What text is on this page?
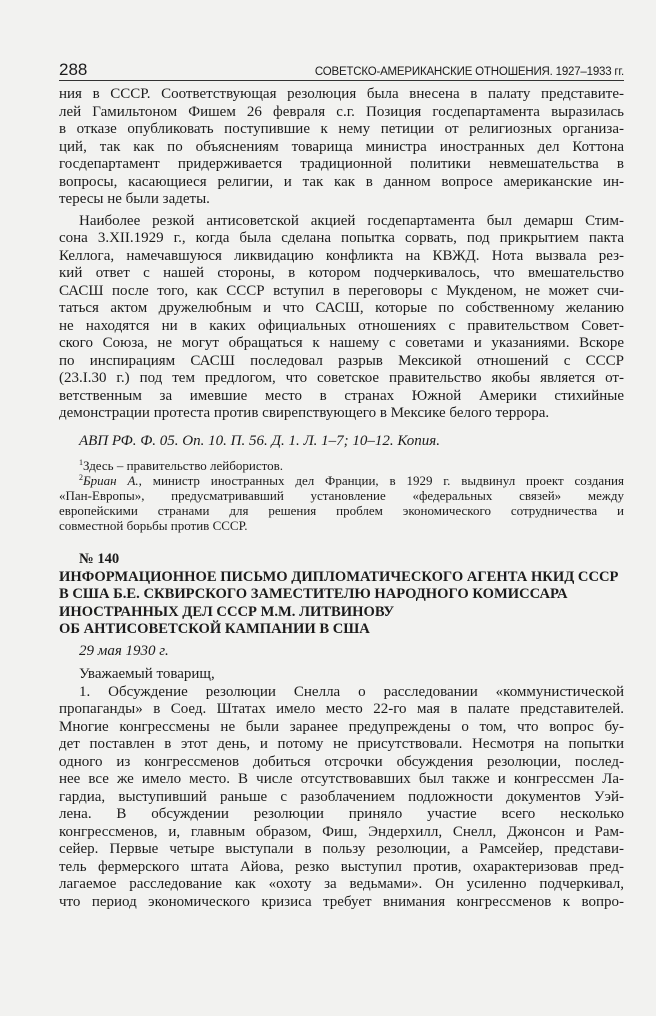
288	СОВЕТСКО-АМЕРИКАНСКИЕ ОТНОШЕНИЯ. 1927–1933 гг.
ния в СССР. Соответствующая резолюция была внесена в палату представите-
лей Гамильтоном Фишем 26 февраля с.г. Позиция госдепартамента выразилась
в отказе опубликовать поступившие к нему петиции от религиозных организа-
ций, так как по объяснениям товарища министра иностранных дел Коттона
госдепартамент придерживается традиционной политики невмешательства в
вопросы, касающиеся религии, и так как в данном вопросе американские ин-
тересы не были задеты.
Наиболее резкой антисоветской акцией госдепартамента был демарш Стим-
сона 3.XII.1929 г., когда была сделана попытка сорвать, под прикрытием пакта
Келлога, намечавшуюся ликвидацию конфликта на КВЖД. Нота вызвала рез-
кий ответ с нашей стороны, в котором подчеркивалось, что вмешательство
САСШ после того, как СССР вступил в переговоры с Мукденом, не может счи-
таться актом дружелюбным и что САСШ, которые по собственному желанию
не находятся ни в каких официальных отношениях с правительством Совет-
ского Союза, не могут обращаться к нашему с советами и указаниями. Вскоре
по инспирациям САСШ последовал разрыв Мексикой отношений с СССР
(23.I.30 г.) под тем предлогом, что советское правительство якобы является от-
ветственным за имевшие место в странах Южной Америки стихийные
демонстрации протеста против свирепствующего в Мексике белого террора.
АВП РФ. Ф. 05. Оп. 10. П. 56. Д. 1. Л. 1–7; 10–12. Копия.
$^1$Здесь – правительство лейбористов.
$^2$Бриан А., министр иностранных дел Франции, в 1929 г. выдвинул проект создания
«Пан-Европы», предусматривавший установление «федеральных связей» между
европейскими странами для решения проблем экономического сотрудничества и
совместной борьбы против СССР.
№ 140
ИНФОРМАЦИОННОЕ ПИСЬМО ДИПЛОМАТИЧЕСКОГО АГЕНТА НКИД СССР
В США Б.Е. СКВИРСКОГО ЗАМЕСТИТЕЛЮ НАРОДНОГО КОМИССАРА
ИНОСТРАННЫХ ДЕЛ СССР М.М. ЛИТВИНОВУ
ОБ АНТИСОВЕТСКОЙ КАМПАНИИ В США
29 мая 1930 г.
Уважаемый товарищ,
1. Обсуждение резолюции Снелла о расследовании «коммунистической
пропаганды» в Соед. Штатах имело место 22-го мая в палате представителей.
Многие конгрессмены не были заранее предупреждены о том, что вопрос бу-
дет поставлен в этот день, и потому не присутствовали. Несмотря на попытки
одного из конгрессменов добиться отсрочки обсуждения резолюции, послед-
нее все же имело место. В числе отсутствовавших был также и конгрессмен Ла-
гардиа, выступивший раньше с разоблачением подложности документов Уэй-
лена. В обсуждении резолюции приняло участие всего несколько
конгрессменов, и, главным образом, Фиш, Эндерхилл, Снелл, Джонсон и Рам-
сейер. Первые четыре выступали в пользу резолюции, а Рамсейер, представи-
тель фермерского штата Айова, резко выступил против, охарактеризовав пред-
лагаемое расследование как «охоту за ведьмами». Он усиленно подчеркивал,
что период экономического кризиса требует внимания конгрессменов к вопро-
